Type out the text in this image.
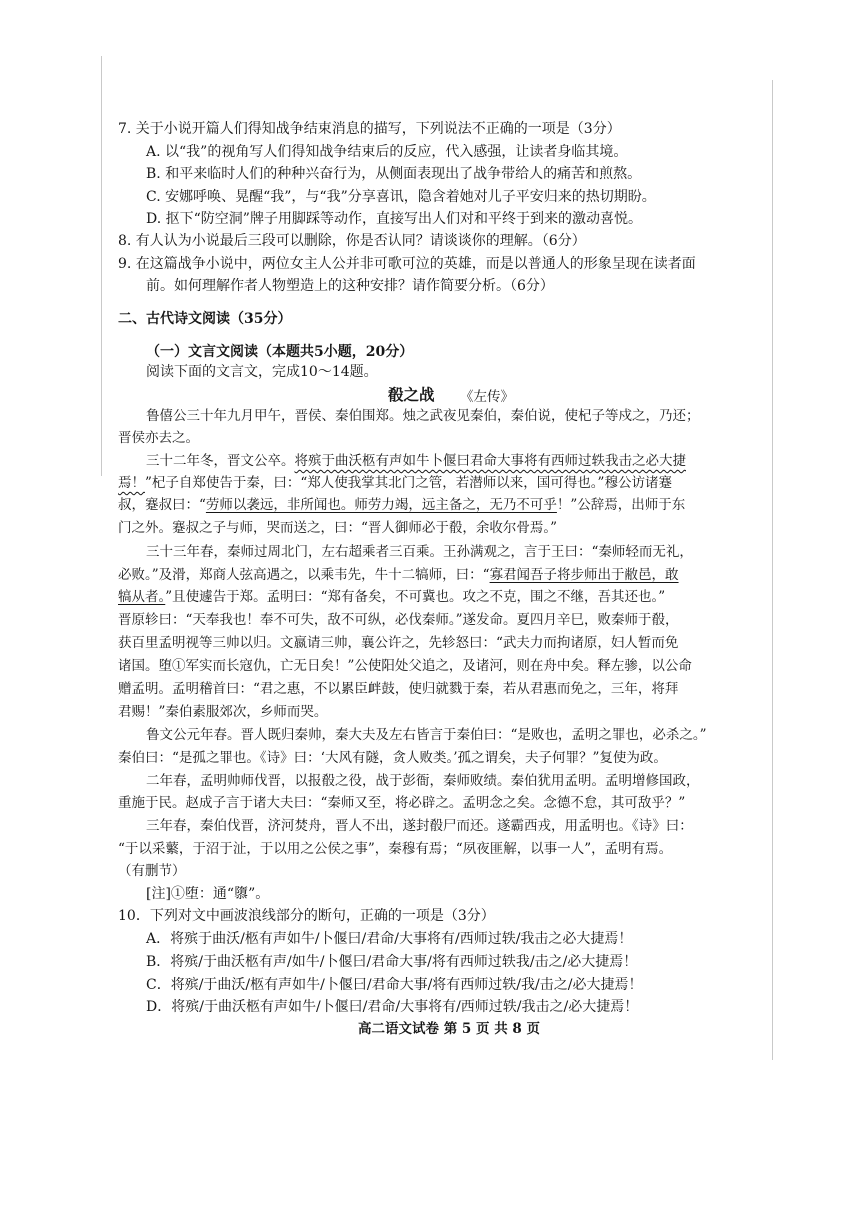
7. 关于小说开篇人们得知战争结束消息的描写，下列说法不正确的一项是（3分）
A. 以“我”的视角写人们得知战争结束后的反应，代入感强，让读者身临其境。
B. 和平来临时人们的种种兴奋行为，从侧面表现出了战争带给人的痛苦和煎熬。
C. 安娜呼唤、晃醒“我”，与“我”分享喜讯，隐含着她对儿子平安归来的热切期盼。
D. 抠下“防空洞”牌子用脚踩等动作，直接写出人们对和平终于到来的激动喜悦。
8. 有人认为小说最后三段可以删除，你是否认同？请谈谈你的理解。（6分）
9. 在这篇战争小说中，两位女主人公并非可歌可泣的英雄，而是以普通人的形象呈现在读者面
前。如何理解作者人物塑造上的这种安排？请作简要分析。（6分）
二、古代诗文阅读（35分）
（一）文言文阅读（本题共5小题，20分）
阅读下面的文言文，完成10～14题。
殽之战 《左传》
鲁僖公三十年九月甲午，晋侯、秦伯围郑。烛之武夜见秦伯，秦伯说，使杞子等戍之，乃还；
晋侯亦去之。
三十二年冬，晋文公卒。将殡于曲沃柩有声如牛卜偃曰君命大事将有西师过轶我击之必大捷
焉！”杞子自郑使告于秦，曰：“郑人使我掌其北门之管，若潜师以来，国可得也。”穆公访诸蹇
叔，蹇叔曰：“劳师以袭远，非所闻也。师劳力竭，远主备之，无乃不可乎！”公辞焉，出师于东
门之外。蹇叔之子与师，哭而送之，曰：“晋人御师必于殽，余收尔骨焉。”
三十三年春，秦师过周北门，左右超乘者三百乘。王孙满观之，言于王曰：“秦师轻而无礼，
必败。”及滑，郑商人弦高遇之，以乘韦先，牛十二犒师，曰：“寡君闻吾子将步师出于敝邑，敢
犒从者。”且使遽告于郑。孟明曰：“郑有备矣，不可冀也。攻之不克，围之不继，吾其还也。”
晋原轸曰：“天奉我也！奉不可失，敌不可纵，必伐秦师。”遂发命。夏四月辛巳，败秦师于殽，
获百里孟明视等三帅以归。文嬴请三帅，襄公许之，先轸怒曰：“武夫力而拘诸原，妇人暂而免
诸国。堕①军实而长寇仇，亡无日矣！”公使阳处父追之，及诸河，则在舟中矣。释左骖，以公命
赠孟明。孟明稽首曰：“君之惠，不以累臣衅鼓，使归就戮于秦，若从君惠而免之，三年，将拜
君赐！”秦伯素服郊次，乡师而哭。
鲁文公元年春。晋人既归秦帅，秦大夫及左右皆言于秦伯曰：“是败也，孟明之罪也，必杀之。”
秦伯曰：“是孤之罪也。《诗》曰：‘大风有隧，贪人败类。’孤之谓矣，夫子何罪？”复使为政。
二年春，孟明帅师伐晋，以报殽之役，战于彭衙，秦师败绩。秦伯犹用孟明。孟明增修国政，
重施于民。赵成子言于诸大夫曰：“秦师又至，将必辟之。孟明念之矣。念德不怠，其可敌乎？”
三年春，秦伯伐晋，济河焚舟，晋人不出，遂封殽尸而还。遂霸西戎，用孟明也。《诗》曰：
“于以采蘩，于沼于沚，于以用之公侯之事”，秦穆有焉；“夙夜匪解，以事一人”，孟明有焉。
（有删节）
[注]①堕：通“隳”。
10．下列对文中画波浪线部分的断句，正确的一项是（3分）
A．将殡于曲沃/柩有声如牛/卜偃曰/君命/大事将有/西师过轶/我击之必大捷焉！
B．将殡/于曲沃柩有声/如牛/卜偃曰/君命大事/将有西师过轶我/击之/必大捷焉！
C．将殡/于曲沃/柩有声如牛/卜偃曰/君命大事/将有西师过轶/我/击之/必大捷焉！
D．将殡/于曲沃柩有声如牛/卜偃曰/君命/大事将有/西师过轶/我击之/必大捷焉！
高二语文试卷 第 5 页 共 8 页
